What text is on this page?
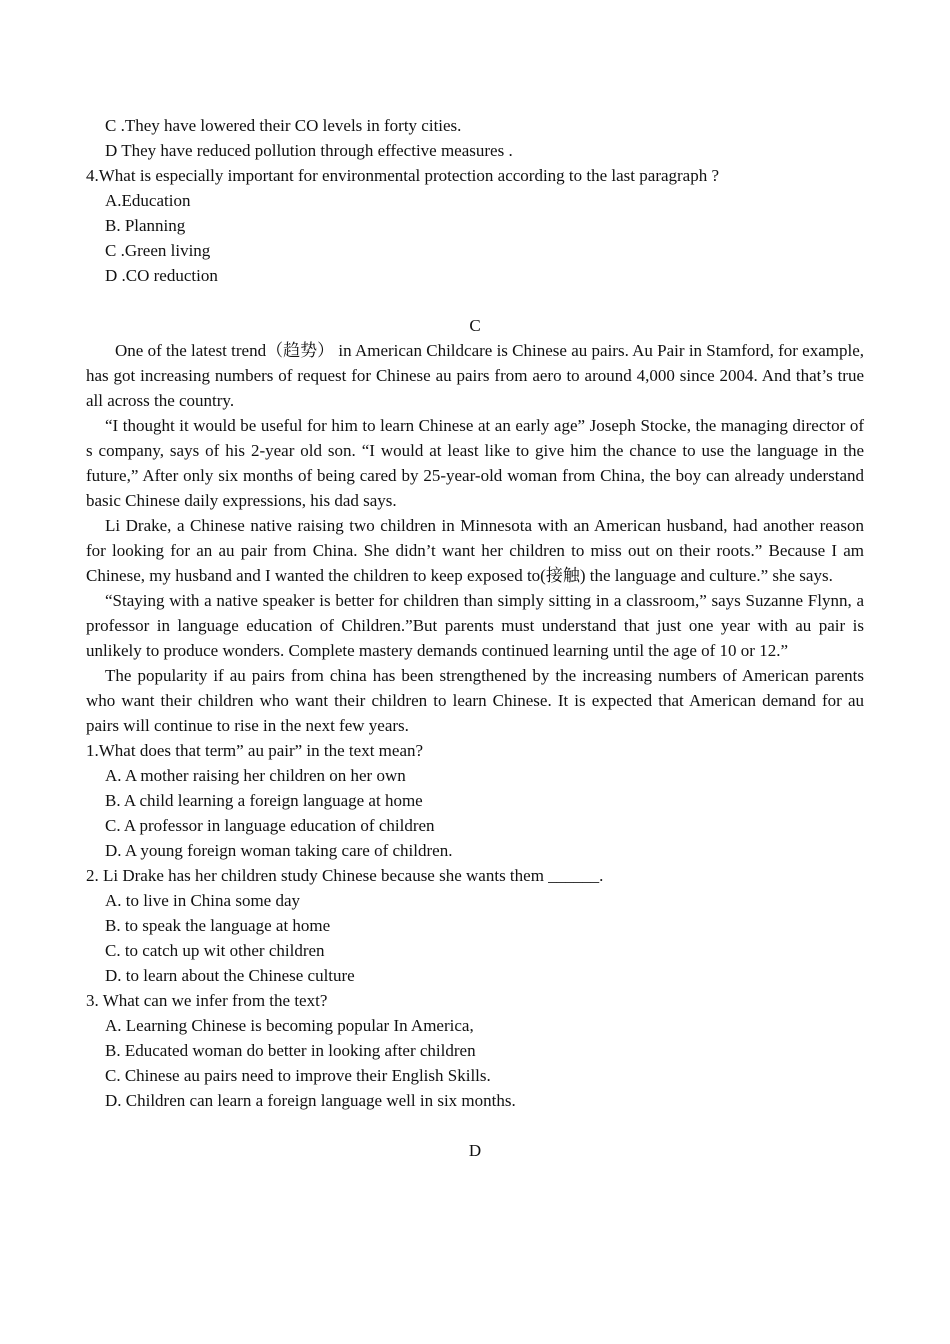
C .They have lowered their CO levels in forty cities.
D They have reduced pollution through effective measures .
4.What is especially important for environmental protection according to the last paragraph ?
A.Education
B. Planning
C .Green living
D .CO reduction
C
One of the latest trend（趋势） in American Childcare is Chinese au pairs. Au Pair in Stamford, for example, has got increasing numbers of request for Chinese au pairs from aero to around 4,000 since 2004. And that’s true all across the country.
“I thought it would be useful for him to learn Chinese at an early age” Joseph Stocke, the managing director of s company, says of his 2-year old son. “I would at least like to give him the chance to use the language in the future,” After only six months of being cared by 25-year-old woman from China, the boy can already understand basic Chinese daily expressions, his dad says.
Li Drake, a Chinese native raising two children in Minnesota with an American husband, had another reason for looking for an au pair from China. She didn’t want her children to miss out on their roots.” Because I am Chinese, my husband and I wanted the children to keep exposed to(接触) the language and culture.” she says.
“Staying with a native speaker is better for children than simply sitting in a classroom,” says Suzanne Flynn, a professor in language education of Children.”But parents must understand that just one year with au pair is unlikely to produce wonders. Complete mastery demands continued learning until the age of 10 or 12.”
The popularity if au pairs from china has been strengthened by the increasing numbers of American parents who want their children who want their children to learn Chinese. It is expected that American demand for au pairs will continue to rise in the next few years.
1.What does that term” au pair” in the text mean?
A. A mother raising her children on her own
B. A child learning a foreign language at home
C. A professor in language education of children
D. A young foreign woman taking care of children.
2. Li Drake has her children study Chinese because she wants them ______.
A. to live in China some day
B. to speak the language at home
C. to catch up wit other children
D. to learn about the Chinese culture
3. What can we infer from the text?
A. Learning Chinese is becoming popular In America,
B. Educated woman do better in looking after children
C. Chinese au pairs need to improve their English Skills.
D. Children can learn a foreign language well in six months.
D
